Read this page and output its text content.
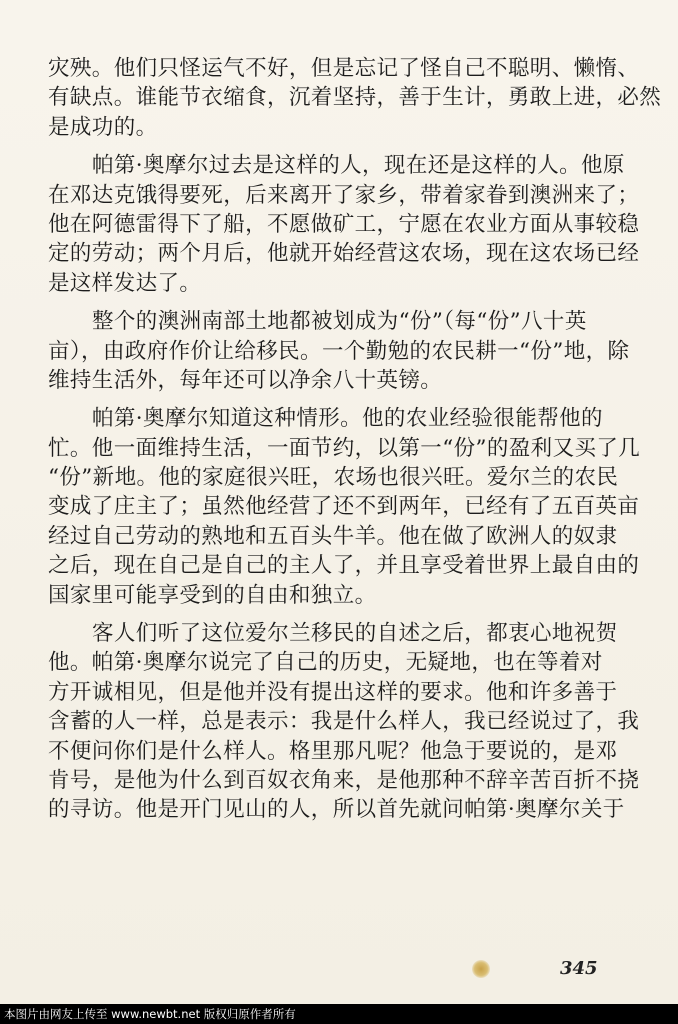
灾殃。他们只怪运气不好，但是忘记了怪自己不聪明、懒惰、
有缺点。谁能节衣缩食，沉着坚持，善于生计，勇敢上进，必然
是成功的。
帕第·奥摩尔过去是这样的人，现在还是这样的人。他原
在邓达克饿得要死，后来离开了家乡，带着家眷到澳洲来了；
他在阿德雷得下了船，不愿做矿工，宁愿在农业方面从事较稳
定的劳动；两个月后，他就开始经营这农场，现在这农场已经
是这样发达了。
整个的澳洲南部土地都被划成为“份”（每“份”八十英
亩），由政府作价让给移民。一个勤勉的农民耕一“份”地，除
维持生活外，每年还可以净余八十英镑。
帕第·奥摩尔知道这种情形。他的农业经验很能帮他的
忙。他一面维持生活，一面节约，以第一“份”的盈利又买了几
“份”新地。他的家庭很兴旺，农场也很兴旺。爱尔兰的农民
变成了庄主了；虽然他经营了还不到两年，已经有了五百英亩
经过自己劳动的熟地和五百头牛羊。他在做了欧洲人的奴隶
之后，现在自己是自己的主人了，并且享受着世界上最自由的
国家里可能享受到的自由和独立。
客人们听了这位爱尔兰移民的自述之后，都衷心地祝贺
他。帕第·奥摩尔说完了自己的历史，无疑地，也在等着对
方开诚相见，但是他并没有提出这样的要求。他和许多善于
含蓄的人一样，总是表示：我是什么样人，我已经说过了，我
不便问你们是什么样人。格里那凡呢？他急于要说的，是邓
肯号，是他为什么到百奴衣角来，是他那种不辞辛苦百折不挠
的寻访。他是开门见山的人，所以首先就问帕第·奥摩尔关于
345
本图片由网友上传至 www.newbt.net 版权归原作者所有
